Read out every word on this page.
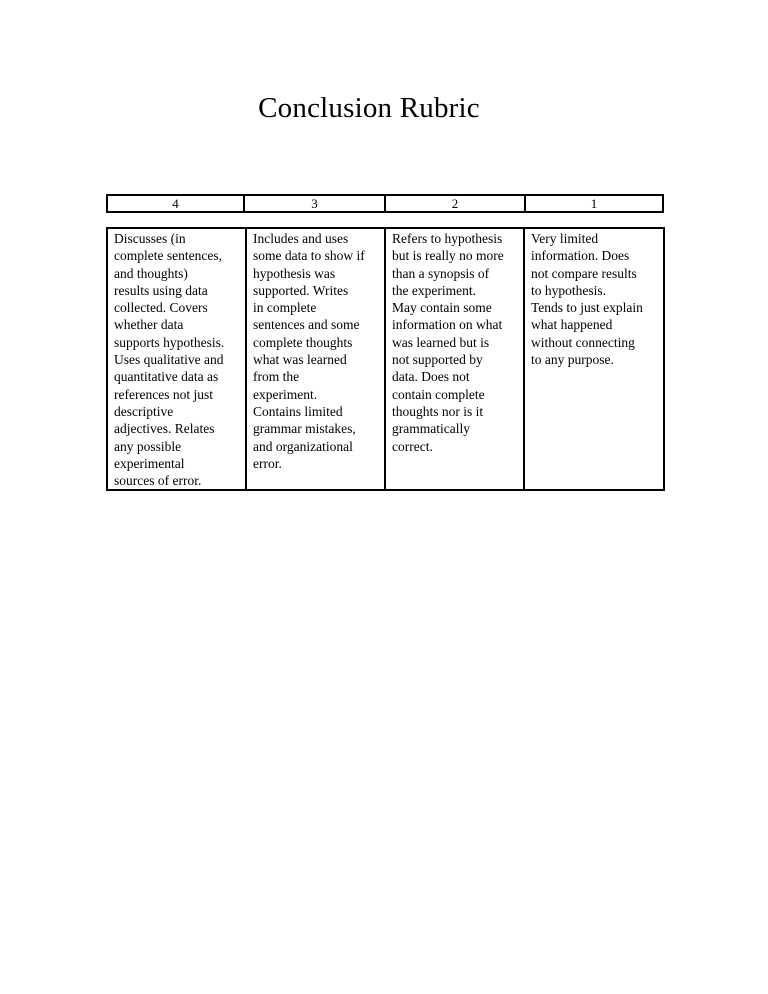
Conclusion Rubric
4	3	2	1
Discusses (in
complete sentences,
and thoughts)
results using data
collected. Covers
whether data
supports hypothesis.
Uses qualitative and
quantitative data as
references not just
descriptive
adjectives. Relates
any possible
experimental
sources of error.	Includes and uses
some data to show if
hypothesis was
supported. Writes
in complete
sentences and some
complete thoughts
what was learned
from the
experiment.
Contains limited
grammar mistakes,
and organizational
error.	Refers to hypothesis
but is really no more
than a synopsis of
the experiment.
May contain some
information on what
was learned but is
not supported by
data. Does not
contain complete
thoughts nor is it
grammatically
correct.	Very limited
information. Does
not compare results
to hypothesis.
Tends to just explain
what happened
without connecting
to any purpose.
